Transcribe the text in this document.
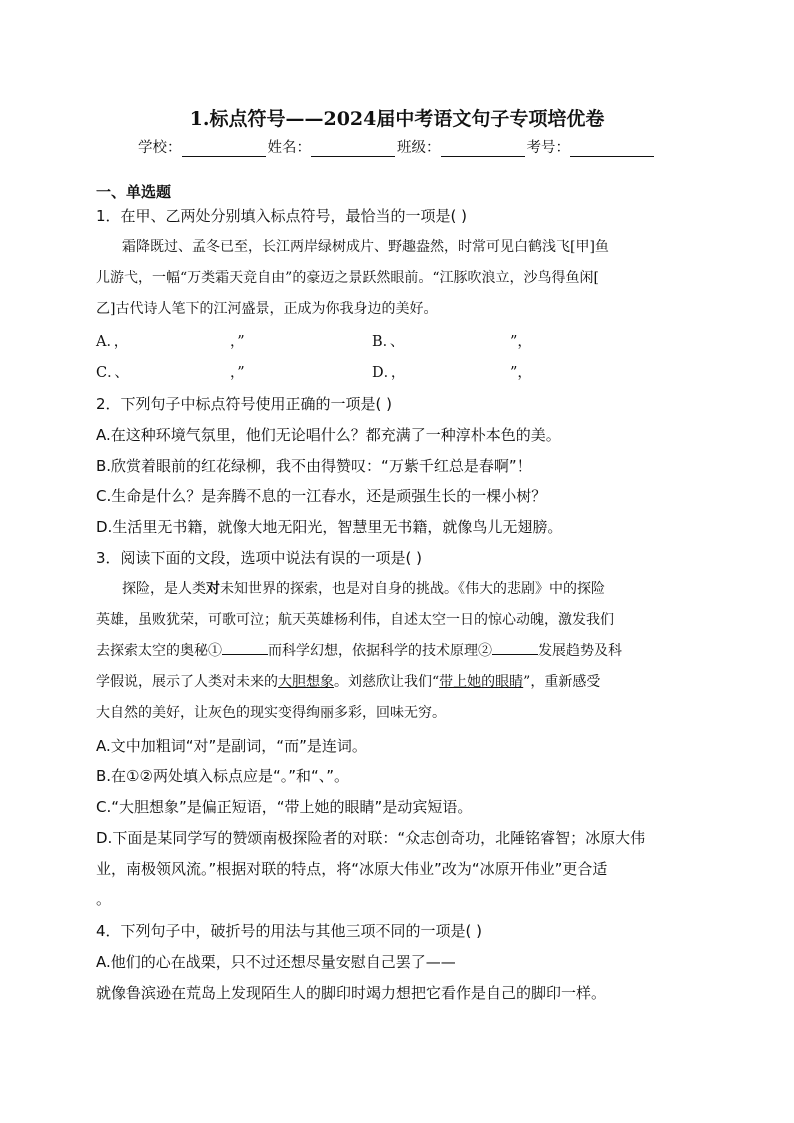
1.标点符号——2024届中考语文句子专项培优卷
学校：	姓名：	班级：	考号：
一、单选题
1．在甲、乙两处分别填入标点符号，最恰当的一项是( )
霜降既过、孟冬已至，长江两岸绿树成片、野趣盎然，时常可见白鹤浅飞[甲]鱼
儿游弋，一幅“万类霜天竞自由”的豪迈之景跃然眼前。“江豚吹浪立，沙鸟得鱼闲[
乙]古代诗人笔下的江河盛景，正成为你我身边的美好。
A．，	，”	B．、	”，
C．、	，”	D．，	”，
2．下列句子中标点符号使用正确的一项是( )
A.在这种环境气氛里，他们无论唱什么？都充满了一种淳朴本色的美。
B.欣赏着眼前的红花绿柳，我不由得赞叹：“万紫千红总是春啊”！
C.生命是什么？是奔腾不息的一江春水，还是顽强生长的一棵小树？
D.生活里无书籍，就像大地无阳光，智慧里无书籍，就像鸟儿无翅膀。
3．阅读下面的文段，选项中说法有误的一项是( )
探险，是人类对未知世界的探索，也是对自身的挑战。《伟大的悲剧》中的探险
英雄，虽败犹荣，可歌可泣；航天英雄杨利伟，自述太空一日的惊心动魄，激发我们
去探索太空的奥秘①	而科学幻想，依据科学的技术原理②	发展趋势及科
学假说，展示了人类对未来的大胆想象。刘慈欣让我们“带上她的眼睛”，重新感受
大自然的美好，让灰色的现实变得绚丽多彩，回味无穷。
A.文中加粗词“对”是副词，“而”是连词。
B.在①②两处填入标点应是“。”和“、”。
C.“大胆想象”是偏正短语，“带上她的眼睛”是动宾短语。
D.下面是某同学写的赞颂南极探险者的对联：“众志创奇功，北陲铭睿智；冰原大伟
业，南极领风流。”根据对联的特点，将“冰原大伟业”改为“冰原开伟业”更合适
。
4．下列句子中，破折号的用法与其他三项不同的一项是( )
A.他们的心在战栗，只不过还想尽量安慰自己罢了——
就像鲁滨逊在荒岛上发现陌生人的脚印时竭力想把它看作是自己的脚印一样。
